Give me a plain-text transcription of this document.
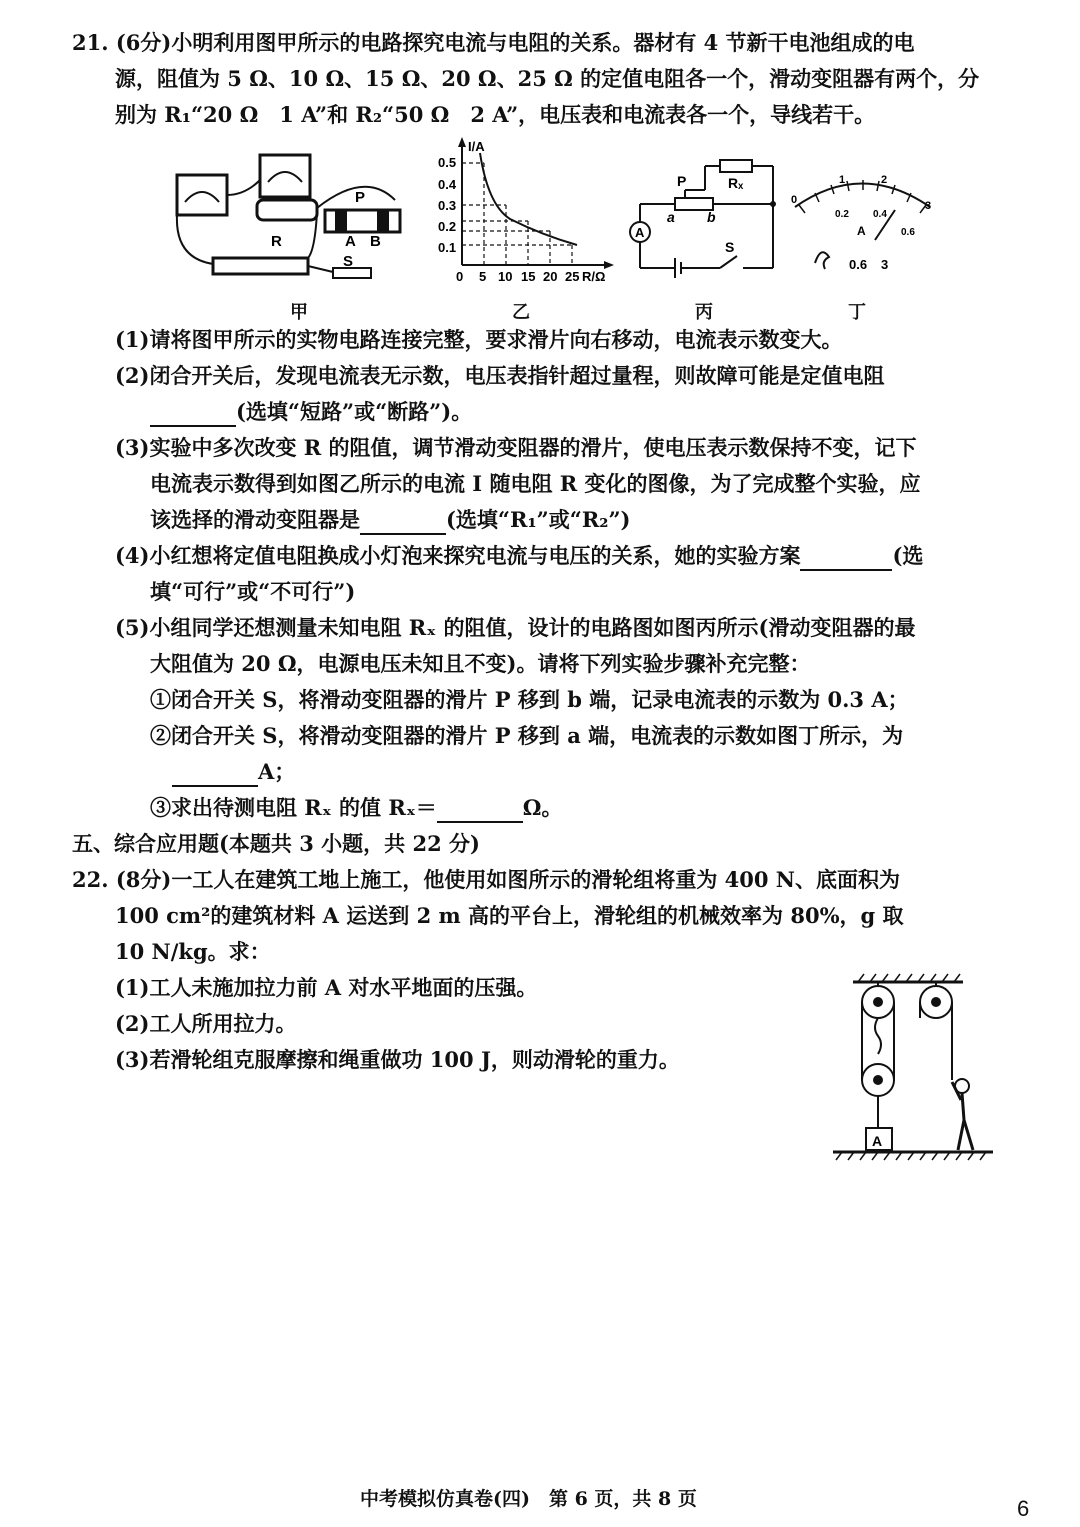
21. (6分)小明利用图甲所示的电路探究电流与电阻的关系。器材有 4 节新干电池组成的电
源，阻值为 5 Ω、10 Ω、15 Ω、20 Ω、25 Ω 的定值电阻各一个，滑动变阻器有两个，分
别为 R₁“20 Ω　1 A”和 R₂“50 Ω　2 A”，电压表和电流表各一个，导线若干。
R
P
A B
S
I/A
R/Ω
0.5
0.4
0.3
0.2
0.1
0 5 10 15 20 25
A
P	Rₓ
a b
S
0
1	2
3
0.2 0.4
0.6
A
0.6 3
甲	乙	丙	丁
(1)请将图甲所示的实物电路连接完整，要求滑片向右移动，电流表示数变大。
(2)闭合开关后，发现电流表无示数，电压表指针超过量程，则故障可能是定值电阻
(选填“短路”或“断路”)。
(3)实验中多次改变 R 的阻值，调节滑动变阻器的滑片，使电压表示数保持不变，记下
电流表示数得到如图乙所示的电流 I 随电阻 R 变化的图像，为了完成整个实验，应
该选择的滑动变阻器是	(选填“R₁”或“R₂”)
(4)小红想将定值电阻换成小灯泡来探究电流与电压的关系，她的实验方案	(选
填“可行”或“不可行”)
(5)小组同学还想测量未知电阻 Rₓ 的阻值，设计的电路图如图丙所示(滑动变阻器的最
大阻值为 20 Ω，电源电压未知且不变)。请将下列实验步骤补充完整：
①闭合开关 S，将滑动变阻器的滑片 P 移到 b 端，记录电流表的示数为 0.3 A；
②闭合开关 S，将滑动变阻器的滑片 P 移到 a 端，电流表的示数如图丁所示，为
A；
③求出待测电阻 Rₓ 的值 Rₓ＝	Ω。
五、综合应用题(本题共 3 小题，共 22 分)
22. (8分)一工人在建筑工地上施工，他使用如图所示的滑轮组将重为 400 N、底面积为
100 cm²的建筑材料 A 运送到 2 m 高的平台上，滑轮组的机械效率为 80%，g 取
10 N/kg。求：
(1)工人未施加拉力前 A 对水平地面的压强。
(2)工人所用拉力。
(3)若滑轮组克服摩擦和绳重做功 100 J，则动滑轮的重力。
A
中考模拟仿真卷(四)　第 6 页，共 8 页	6
